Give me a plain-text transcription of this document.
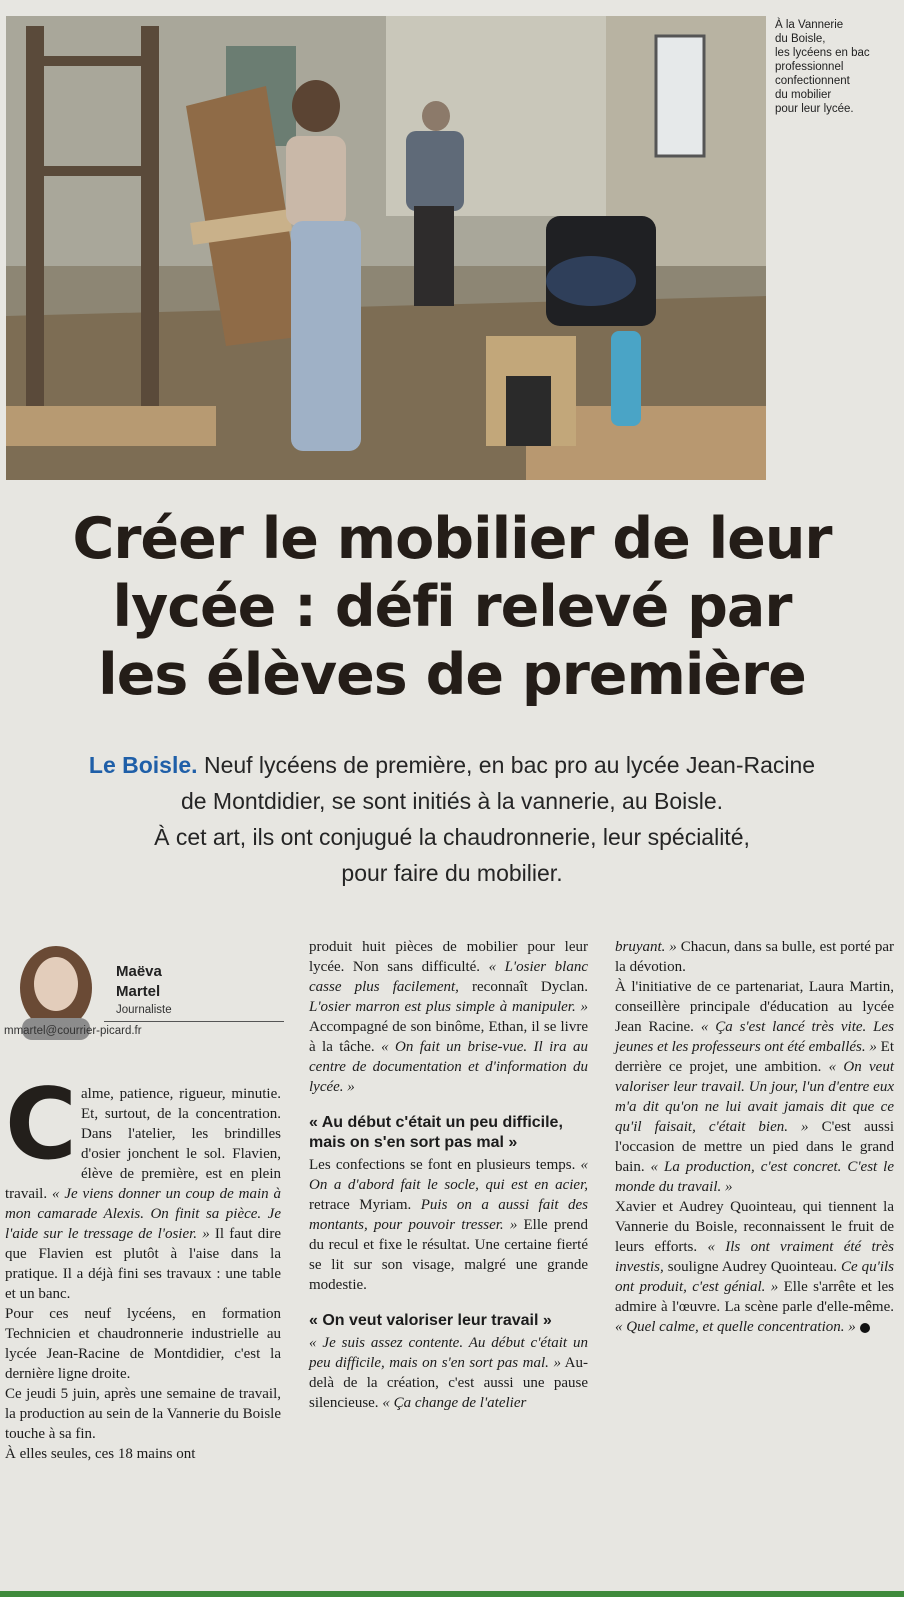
À la Vannerie
du Boisle,
les lycéens en bac
professionnel
confectionnent
du mobilier
pour leur lycée.
Créer le mobilier de leur
lycée : défi relevé par
les élèves de première
Le Boisle. Neuf lycéens de première, en bac pro au lycée Jean-Racine
de Montdidier, se sont initiés à la vannerie, au Boisle.
À cet art, ils ont conjugué la chaudronnerie, leur spécialité,
pour faire du mobilier.
Maëva
Martel
Journaliste
mmartel@courrier-picard.fr

C alme, patience, rigueur, minutie. Et, surtout, de la concentration. Dans l'atelier, les brindilles d'osier jonchent le sol. Flavien, élève de première, est en plein travail. « Je viens donner un coup de main à mon camarade Alexis. On finit sa pièce. Je l'aide sur le tressage de l'osier. » Il faut dire que Flavien est plutôt à l'aise dans la pratique. Il a déjà fini ses travaux : une table et un banc.

Pour ces neuf lycéens, en formation Technicien et chaudronnerie industrielle au lycée Jean-Racine de Montdidier, c'est la dernière ligne droite.

Ce jeudi 5 juin, après une semaine de travail, la production au sein de la Vannerie du Boisle touche à sa fin.

À elles seules, ces 18 mains ont

produit huit pièces de mobilier pour leur lycée. Non sans difficulté. « L'osier blanc casse plus facilement, reconnaît Dyclan. L'osier marron est plus simple à manipuler. » Accompagné de son binôme, Ethan, il se livre à la tâche. « On fait un brise-vue. Il ira au centre de documentation et d'information du lycée. »

« Au début c'était un peu difficile, mais on s'en sort pas mal »

Les confections se font en plusieurs temps. « On a d'abord fait le socle, qui est en acier, retrace Myriam. Puis on a aussi fait des montants, pour pouvoir tresser. » Elle prend du recul et fixe le résultat. Une certaine fierté se lit sur son visage, malgré une grande modestie.

« On veut valoriser leur travail »

« Je suis assez contente. Au début c'était un peu difficile, mais on s'en sort pas mal. » Au-delà de la création, c'est aussi une pause silencieuse. « Ça change de l'atelier

bruyant. » Chacun, dans sa bulle, est porté par la dévotion.

À l'initiative de ce partenariat, Laura Martin, conseillère principale d'éducation au lycée Jean Racine. « Ça s'est lancé très vite. Les jeunes et les professeurs ont été emballés. » Et derrière ce projet, une ambition. « On veut valoriser leur travail. Un jour, l'un d'entre eux m'a dit qu'on ne lui avait jamais dit que ce qu'il faisait, c'était bien. » C'est aussi l'occasion de mettre un pied dans le grand bain. « La production, c'est concret. C'est le monde du travail. »

Xavier et Audrey Quointeau, qui tiennent la Vannerie du Boisle, reconnaissent le fruit de leurs efforts. « Ils ont vraiment été très investis, souligne Audrey Quointeau. Ce qu'ils ont produit, c'est génial. » Elle s'arrête et les admire à l'œuvre. La scène parle d'elle-même. « Quel calme, et quelle concentration. »
